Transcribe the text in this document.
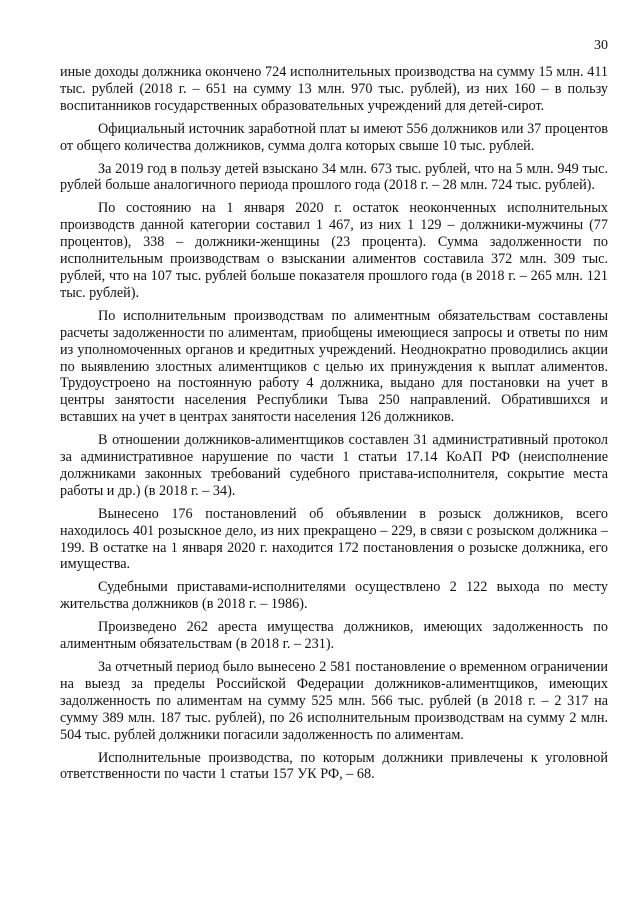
30

иные доходы должника окончено 724 исполнительных производства на сумму 15 млн. 411 тыс. рублей (2018 г. – 651 на сумму 13 млн. 970 тыс. рублей), из них 160 – в пользу воспитанников государственных образовательных учреждений для детей-сирот.

Официальный источник заработной плат ы имеют 556 должников или 37 процентов от общего количества должников, сумма долга которых свыше 10 тыс. рублей.

За 2019 год в пользу детей взыскано 34 млн. 673 тыс. рублей, что на 5 млн. 949 тыс. рублей больше аналогичного периода прошлого года (2018 г. – 28 млн. 724 тыс. рублей).

По состоянию на 1 января 2020 г. остаток неоконченных исполнительных производств данной категории составил 1 467, из них 1 129 – должники-мужчины (77 процентов), 338 – должники-женщины (23 процента). Сумма задолженности по исполнительным производствам о взыскании алиментов составила 372 млн. 309 тыс. рублей, что на 107 тыс. рублей больше показателя прошлого года (в 2018 г. – 265 млн. 121 тыс. рублей).

По исполнительным производствам по алиментным обязательствам составлены расчеты задолженности по алиментам, приобщены имеющиеся запросы и ответы по ним из уполномоченных органов и кредитных учреждений. Неоднократно проводились акции по выявлению злостных алиментщиков с целью их принуждения к выплат алиментов. Трудоустроено на постоянную работу 4 должника, выдано для постановки на учет в центры занятости населения Республики Тыва 250 направлений. Обратившихся и вставших на учет в центрах занятости населения 126 должников.

В отношении должников-алиментщиков составлен 31 административный протокол за административное нарушение по части 1 статьи 17.14 КоАП РФ (неисполнение должниками законных требований судебного пристава-исполнителя, сокрытие места работы и др.) (в 2018 г. – 34).

Вынесено 176 постановлений об объявлении в розыск должников, всего находилось 401 розыскное дело, из них прекращено – 229, в связи с розыском должника – 199. В остатке на 1 января 2020 г. находится 172 постановления о розыске должника, его имущества.

Судебными приставами-исполнителями осуществлено 2 122 выхода по месту жительства должников (в 2018 г. – 1986).

Произведено 262 ареста имущества должников, имеющих задолженность по алиментным обязательствам (в 2018 г. – 231).

За отчетный период было вынесено 2 581 постановление о временном ограничении на выезд за пределы Российской Федерации должников-алиментщиков, имеющих задолженность по алиментам на сумму 525 млн. 566 тыс. рублей (в 2018 г. – 2 317 на сумму 389 млн. 187 тыс. рублей), по 26 исполнительным производствам на сумму 2 млн. 504 тыс. рублей должники погасили задолженность по алиментам.

Исполнительные производства, по которым должники привлечены к уголовной ответственности по части 1 статьи 157 УК РФ, – 68.
